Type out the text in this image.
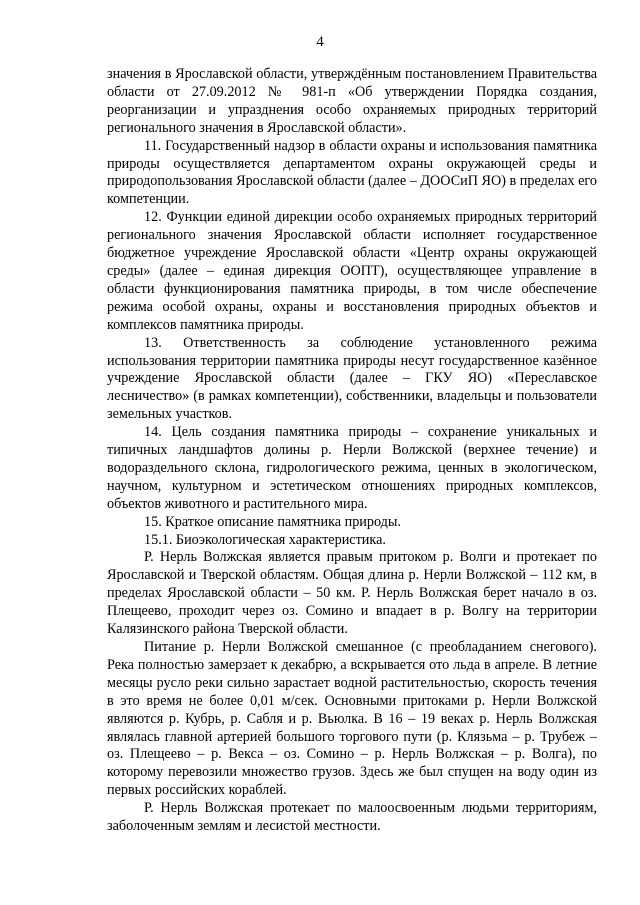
4

значения в Ярославской области, утверждённым постановлением Правительства области от 27.09.2012 № 981-п «Об утверждении Порядка создания, реорганизации и упразднения особо охраняемых природных территорий регионального значения в Ярославской области».

11. Государственный надзор в области охраны и использования памятника природы осуществляется департаментом охраны окружающей среды и природопользования Ярославской области (далее – ДООСиП ЯО) в пределах его компетенции.

12. Функции единой дирекции особо охраняемых природных территорий регионального значения Ярославской области исполняет государственное бюджетное учреждение Ярославской области «Центр охраны окружающей среды» (далее – единая дирекция ООПТ), осуществляющее управление в области функционирования памятника природы, в том числе обеспечение режима особой охраны, охраны и восстановления природных объектов и комплексов памятника природы.

13. Ответственность за соблюдение установленного режима использования территории памятника природы несут государственное казённое учреждение Ярославской области (далее – ГКУ ЯО) «Переславское лесничество» (в рамках компетенции), собственники, владельцы и пользователи земельных участков.

14. Цель создания памятника природы – сохранение уникальных и типичных ландшафтов долины р. Нерли Волжской (верхнее течение) и водораздельного склона, гидрологического режима, ценных в экологическом, научном, культурном и эстетическом отношениях природных комплексов, объектов животного и растительного мира.

15. Краткое описание памятника природы.

15.1. Биоэкологическая характеристика.

Р. Нерль Волжская является правым притоком р. Волги и протекает по Ярославской и Тверской областям. Общая длина р. Нерли Волжской – 112 км, в пределах Ярославской области – 50 км. Р. Нерль Волжская берет начало в оз. Плещеево, проходит через оз. Сомино и впадает в р. Волгу на территории Калязинского района Тверской области.

Питание р. Нерли Волжской смешанное (с преобладанием снегового). Река полностью замерзает к декабрю, а вскрывается ото льда в апреле. В летние месяцы русло реки сильно зарастает водной растительностью, скорость течения в это время не более 0,01 м/сек. Основными притоками р. Нерли Волжской являются р. Кубрь, р. Сабля и р. Вьюлка. В 16 – 19 веках р. Нерль Волжская являлась главной артерией большого торгового пути (р. Клязьма – р. Трубеж – оз. Плещеево – р. Векса – оз. Сомино – р. Нерль Волжская – р. Волга), по которому перевозили множество грузов. Здесь же был спущен на воду один из первых российских кораблей.

Р. Нерль Волжская протекает по малоосвоенным людьми территориям, заболоченным землям и лесистой местности.
